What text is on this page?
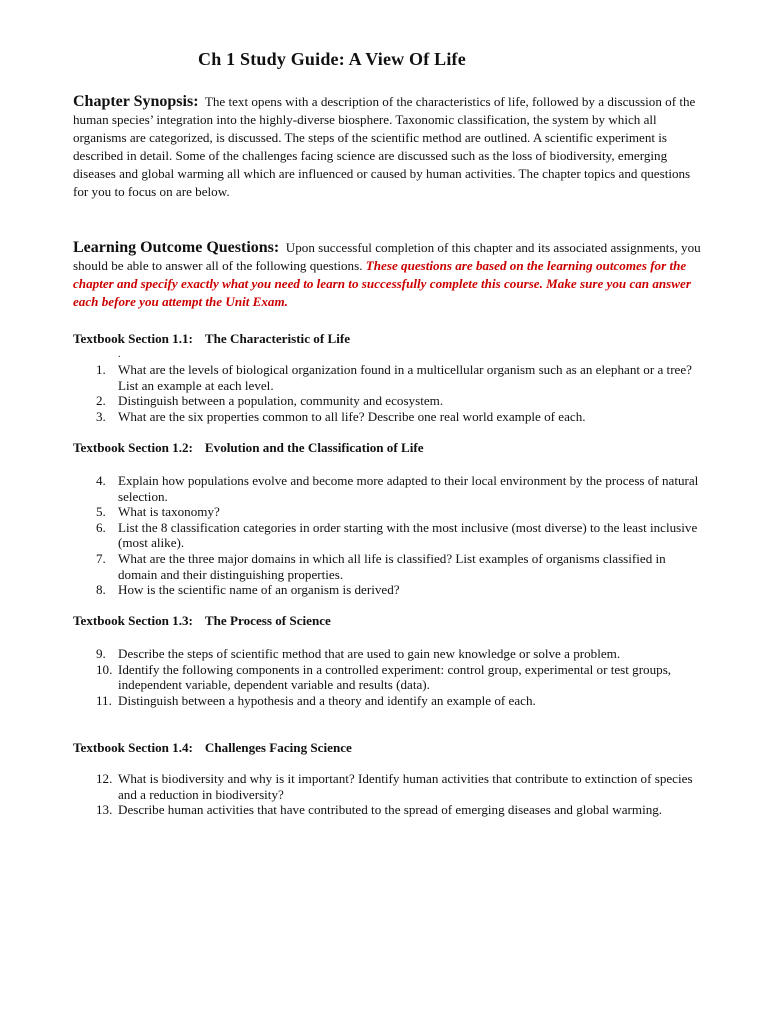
Ch 1 Study Guide: A View Of Life

Chapter Synopsis: The text opens with a description of the characteristics of life, followed by a discussion of the human species’ integration into the highly-diverse biosphere. Taxonomic classification, the system by which all organisms are categorized, is discussed. The steps of the scientific method are outlined. A scientific experiment is described in detail. Some of the challenges facing science are discussed such as the loss of biodiversity, emerging diseases and global warming all which are influenced or caused by human activities. The chapter topics and questions for you to focus on are below.

Learning Outcome Questions: Upon successful completion of this chapter and its associated assignments, you should be able to answer all of the following questions. These questions are based on the learning outcomes for the chapter and specify exactly what you need to learn to successfully complete this course. Make sure you can answer each before you attempt the Unit Exam.

Textbook Section 1.1: The Characteristic of Life
.
1. What are the levels of biological organization found in a multicellular organism such as an elephant or a tree? List an example at each level.
2. Distinguish between a population, community and ecosystem.
3. What are the six properties common to all life? Describe one real world example of each.
Textbook Section 1.2: Evolution and the Classification of Life
4. Explain how populations evolve and become more adapted to their local environment by the process of natural selection.
5. What is taxonomy?
6. List the 8 classification categories in order starting with the most inclusive (most diverse) to the least inclusive (most alike).
7. What are the three major domains in which all life is classified? List examples of organisms classified in domain and their distinguishing properties.
8. How is the scientific name of an organism is derived?
Textbook Section 1.3: The Process of Science
9. Describe the steps of scientific method that are used to gain new knowledge or solve a problem.
10. Identify the following components in a controlled experiment: control group, experimental or test groups, independent variable, dependent variable and results (data).
11. Distinguish between a hypothesis and a theory and identify an example of each.
Textbook Section 1.4: Challenges Facing Science
12. What is biodiversity and why is it important? Identify human activities that contribute to extinction of species and a reduction in biodiversity?
13. Describe human activities that have contributed to the spread of emerging diseases and global warming.
